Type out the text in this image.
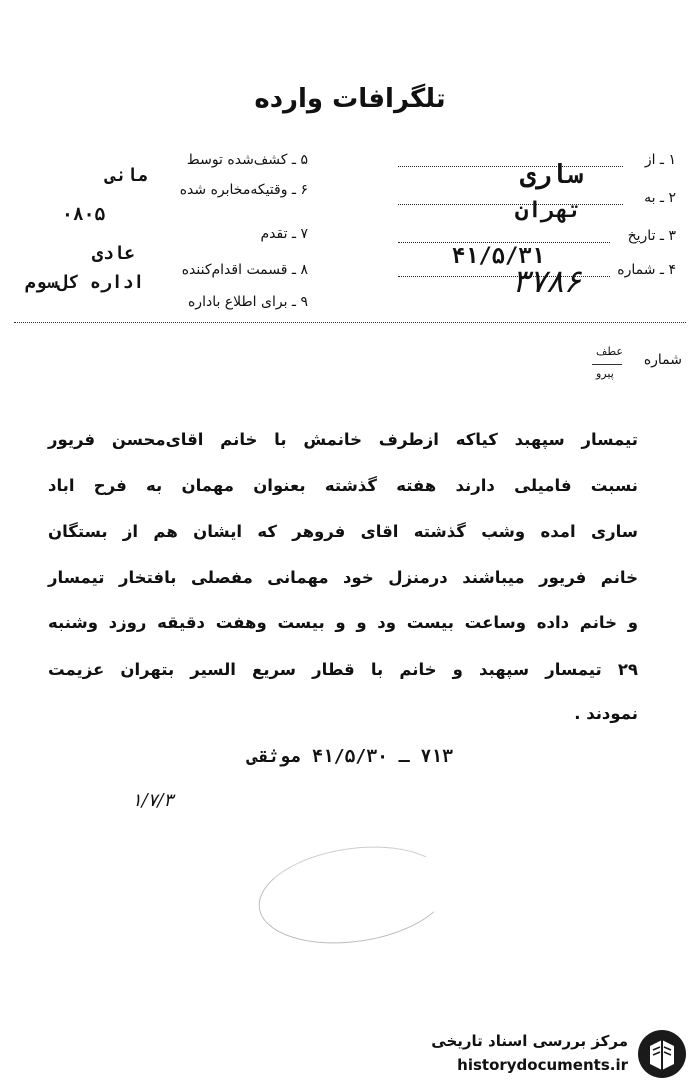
تلگرافات وارده
۱ ـ از
ساری
۲ ـ به
تهران
۳ ـ تاریخ
۴۱/۵/۳۱
۴ ـ شماره
۳۷۸۶
۵ ـ کشف‌شده توسط
مانی
۶ ـ وقتیکه‌مخابره شده
۰۸۰۵
۷ ـ تقدم
عادی
۸ ـ قسمت اقدام‌کننده
اداره کل‌سوم
۹ ـ برای اطلاع باداره
شماره
عطف
پیرو
تیمسار سپهبد کیاکه ازطرف خانمش با خانم اقای‌محسن فریور
نسبت فامیلی دارند هفته گذشته بعنوان مهمان به فرح اباد
ساری امده وشب گذشته اقای فروهر که ایشان هم از بستگان
خانم فریور میباشند درمنزل خود مهمانی مفصلی بافتخار تیمسار
و خانم داده وساعت بیست ود و و بیست وهفت دقیقه روزد وشنبه
۲۹ تیمسار سپهبد و خانم با قطار سریع السیر بتهران عزیمت
نمودند .
۷۱۳ ـ ۴۱/۵/۳۰ موثقی
۱/۷/۳
مرکز بررسی اسناد تاریخی
historydocuments.ir
